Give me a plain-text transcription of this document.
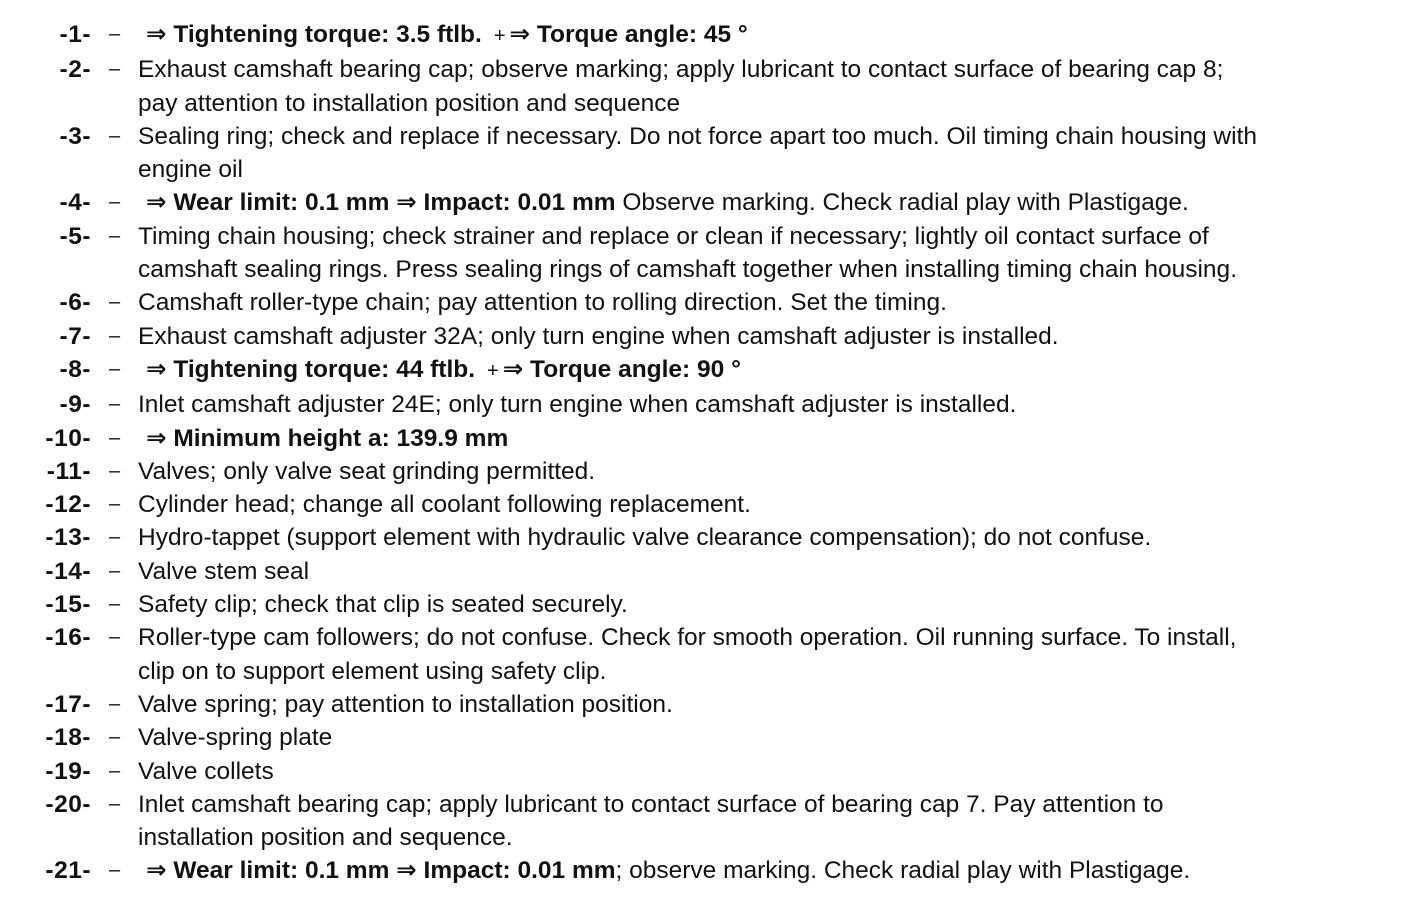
-1- –	⇒ Tightening torque: 3.5 ftlb. + ⇒ Torque angle: 45 °
-2- – Exhaust camshaft bearing cap; observe marking; apply lubricant to contact surface of bearing cap 8;
pay attention to installation position and sequence
-3- – Sealing ring; check and replace if necessary. Do not force apart too much. Oil timing chain housing with
engine oil
-4- –	⇒ Wear limit: 0.1 mm ⇒ Impact: 0.01 mm Observe marking. Check radial play with Plastigage.
-5- – Timing chain housing; check strainer and replace or clean if necessary; lightly oil contact surface of
camshaft sealing rings. Press sealing rings of camshaft together when installing timing chain housing.
-6- – Camshaft roller-type chain; pay attention to rolling direction. Set the timing.
-7- – Exhaust camshaft adjuster 32A; only turn engine when camshaft adjuster is installed.
-8- –	⇒ Tightening torque: 44 ftlb. + ⇒ Torque angle: 90 °
-9- – Inlet camshaft adjuster 24E; only turn engine when camshaft adjuster is installed.
-10- –	⇒ Minimum height a: 139.9 mm
-11- – Valves; only valve seat grinding permitted.
-12- – Cylinder head; change all coolant following replacement.
-13- – Hydro-tappet (support element with hydraulic valve clearance compensation); do not confuse.
-14- – Valve stem seal
-15- – Safety clip; check that clip is seated securely.
-16- – Roller-type cam followers; do not confuse. Check for smooth operation. Oil running surface. To install,
clip on to support element using safety clip.
-17- – Valve spring; pay attention to installation position.
-18- – Valve-spring plate
-19- – Valve collets
-20- – Inlet camshaft bearing cap; apply lubricant to contact surface of bearing cap 7. Pay attention to
installation position and sequence.
-21- –	⇒ Wear limit: 0.1 mm ⇒ Impact: 0.01 mm; observe marking. Check radial play with Plastigage.
